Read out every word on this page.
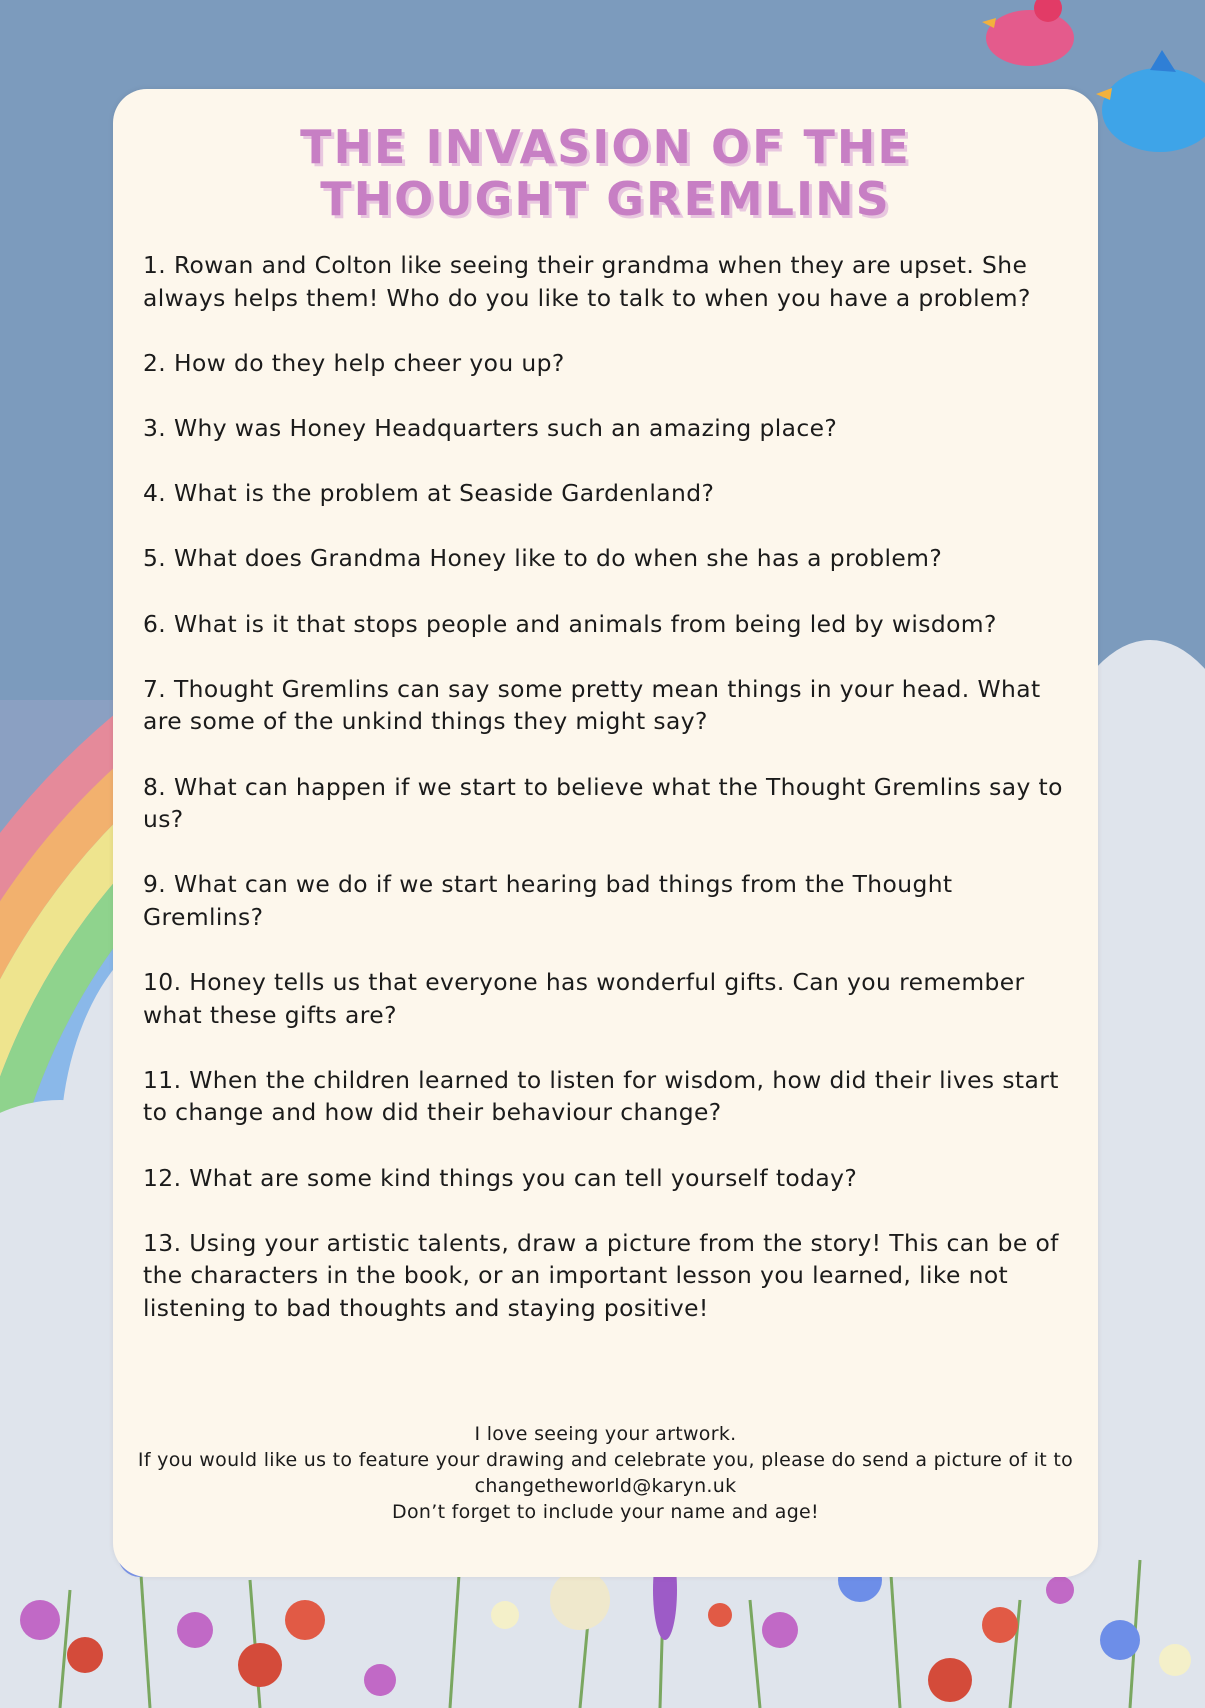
THE INVASION OF THE
THOUGHT GREMLINS
1. Rowan and Colton like seeing their grandma when they are upset. She always helps them! Who do you like to talk to when you have a problem?
2. How do they help cheer you up?
3. Why was Honey Headquarters such an amazing place?
4. What is the problem at Seaside Gardenland?
5. What does Grandma Honey like to do when she has a problem?
6. What is it that stops people and animals from being led by wisdom?
7. Thought Gremlins can say some pretty mean things in your head. What are some of the unkind things they might say?
8. What can happen if we start to believe what the Thought Gremlins say to us?
9. What can we do if we start hearing bad things from the Thought Gremlins?
10. Honey tells us that everyone has wonderful gifts. Can you remember what these gifts are?
11. When the children learned to listen for wisdom, how did their lives start to change and how did their behaviour change?
12. What are some kind things you can tell yourself today?
13. Using your artistic talents, draw a picture from the story! This can be of the characters in the book, or an important lesson you learned, like not listening to bad thoughts and staying positive!
I love seeing your artwork.
If you would like us to feature your drawing and celebrate you, please do send a picture of it to changetheworld@karyn.uk
Don’t forget to include your name and age!
